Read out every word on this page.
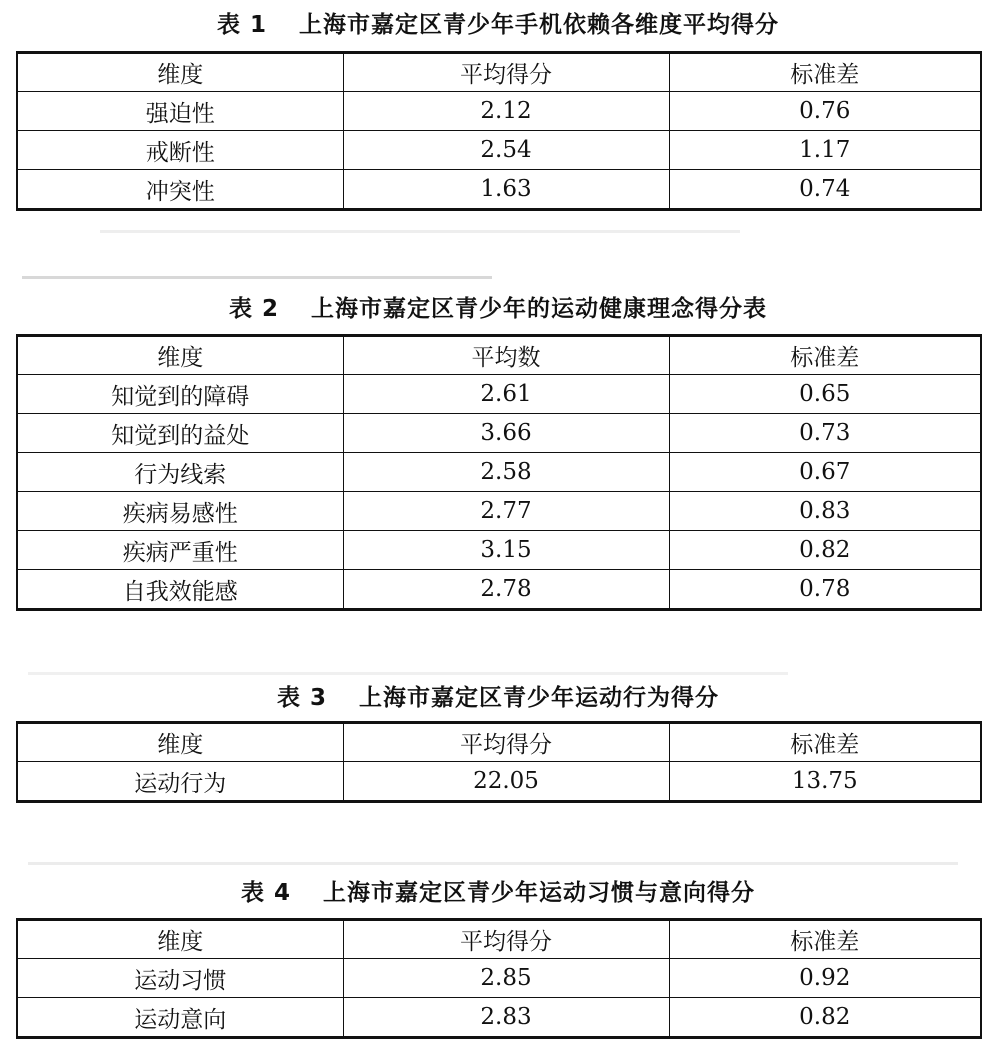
表 1 上海市嘉定区青少年手机依赖各维度平均得分
维度	平均得分	标准差
强迫性	2.12	0.76
戒断性	2.54	1.17
冲突性	1.63	0.74
表 2 上海市嘉定区青少年的运动健康理念得分表
维度	平均数	标准差
知觉到的障碍	2.61	0.65
知觉到的益处	3.66	0.73
行为线索	2.58	0.67
疾病易感性	2.77	0.83
疾病严重性	3.15	0.82
自我效能感	2.78	0.78
表 3 上海市嘉定区青少年运动行为得分
维度	平均得分	标准差
运动行为	22.05	13.75
表 4 上海市嘉定区青少年运动习惯与意向得分
维度	平均得分	标准差
运动习惯	2.85	0.92
运动意向	2.83	0.82
